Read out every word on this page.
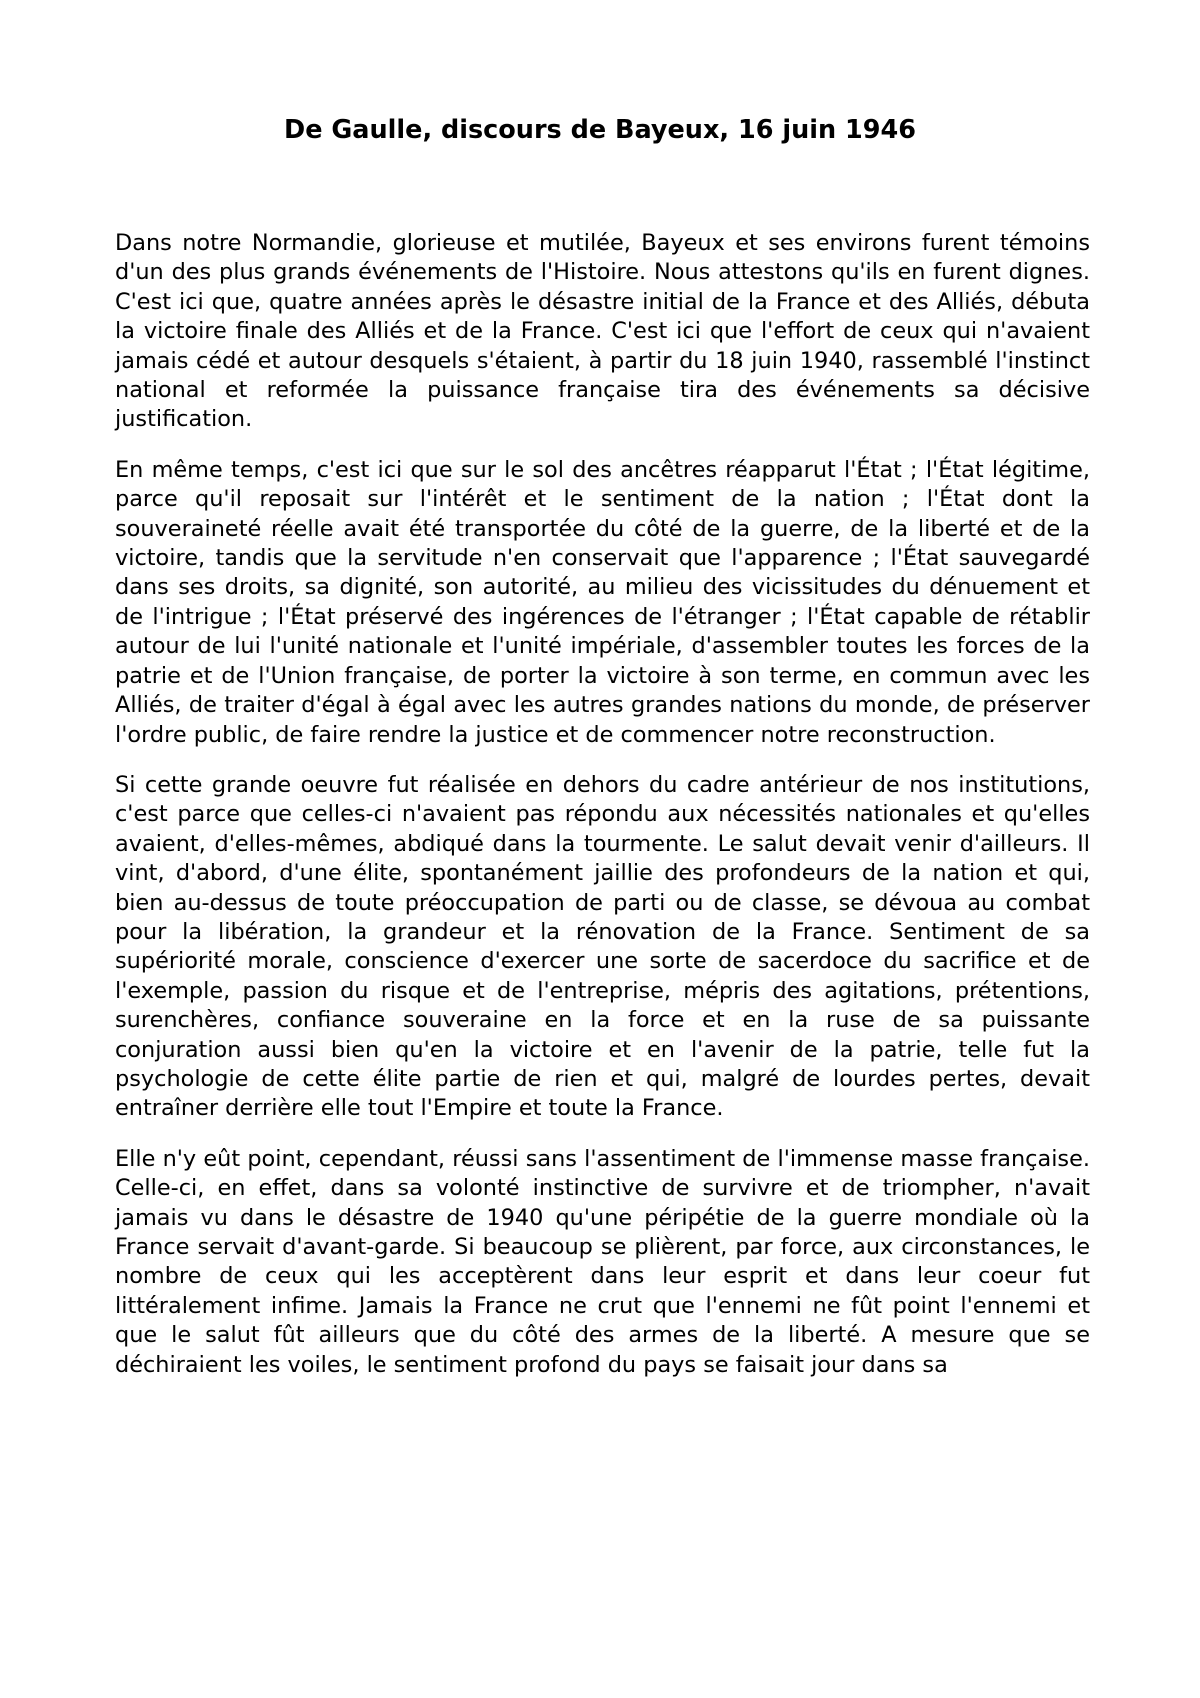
De Gaulle, discours de Bayeux, 16 juin 1946

Dans notre Normandie, glorieuse et mutilée, Bayeux et ses environs furent témoins d'un des plus grands événements de l'Histoire. Nous attestons qu'ils en furent dignes. C'est ici que, quatre années après le désastre initial de la France et des Alliés, débuta la victoire finale des Alliés et de la France. C'est ici que l'effort de ceux qui n'avaient jamais cédé et autour desquels s'étaient, à partir du 18 juin 1940, rassemblé l'instinct national et reformée la puissance française tira des événements sa décisive justification.

En même temps, c'est ici que sur le sol des ancêtres réapparut l'État ; l'État légitime, parce qu'il reposait sur l'intérêt et le sentiment de la nation ; l'État dont la souveraineté réelle avait été transportée du côté de la guerre, de la liberté et de la victoire, tandis que la servitude n'en conservait que l'apparence ; l'État sauvegardé dans ses droits, sa dignité, son autorité, au milieu des vicissitudes du dénuement et de l'intrigue ; l'État préservé des ingérences de l'étranger ; l'État capable de rétablir autour de lui l'unité nationale et l'unité impériale, d'assembler toutes les forces de la patrie et de l'Union française, de porter la victoire à son terme, en commun avec les Alliés, de traiter d'égal à égal avec les autres grandes nations du monde, de préserver l'ordre public, de faire rendre la justice et de commencer notre reconstruction.

Si cette grande oeuvre fut réalisée en dehors du cadre antérieur de nos institutions, c'est parce que celles-ci n'avaient pas répondu aux nécessités nationales et qu'elles avaient, d'elles-mêmes, abdiqué dans la tourmente. Le salut devait venir d'ailleurs. Il vint, d'abord, d'une élite, spontanément jaillie des profondeurs de la nation et qui, bien au-dessus de toute préoccupation de parti ou de classe, se dévoua au combat pour la libération, la grandeur et la rénovation de la France. Sentiment de sa supériorité morale, conscience d'exercer une sorte de sacerdoce du sacrifice et de l'exemple, passion du risque et de l'entreprise, mépris des agitations, prétentions, surenchères, confiance souveraine en la force et en la ruse de sa puissante conjuration aussi bien qu'en la victoire et en l'avenir de la patrie, telle fut la psychologie de cette élite partie de rien et qui, malgré de lourdes pertes, devait entraîner derrière elle tout l'Empire et toute la France.

Elle n'y eût point, cependant, réussi sans l'assentiment de l'immense masse française. Celle-ci, en effet, dans sa volonté instinctive de survivre et de triompher, n'avait jamais vu dans le désastre de 1940 qu'une péripétie de la guerre mondiale où la France servait d'avant-garde. Si beaucoup se plièrent, par force, aux circonstances, le nombre de ceux qui les acceptèrent dans leur esprit et dans leur coeur fut littéralement infime. Jamais la France ne crut que l'ennemi ne fût point l'ennemi et que le salut fût ailleurs que du côté des armes de la liberté. A mesure que se déchiraient les voiles, le sentiment profond du pays se faisait jour dans sa
